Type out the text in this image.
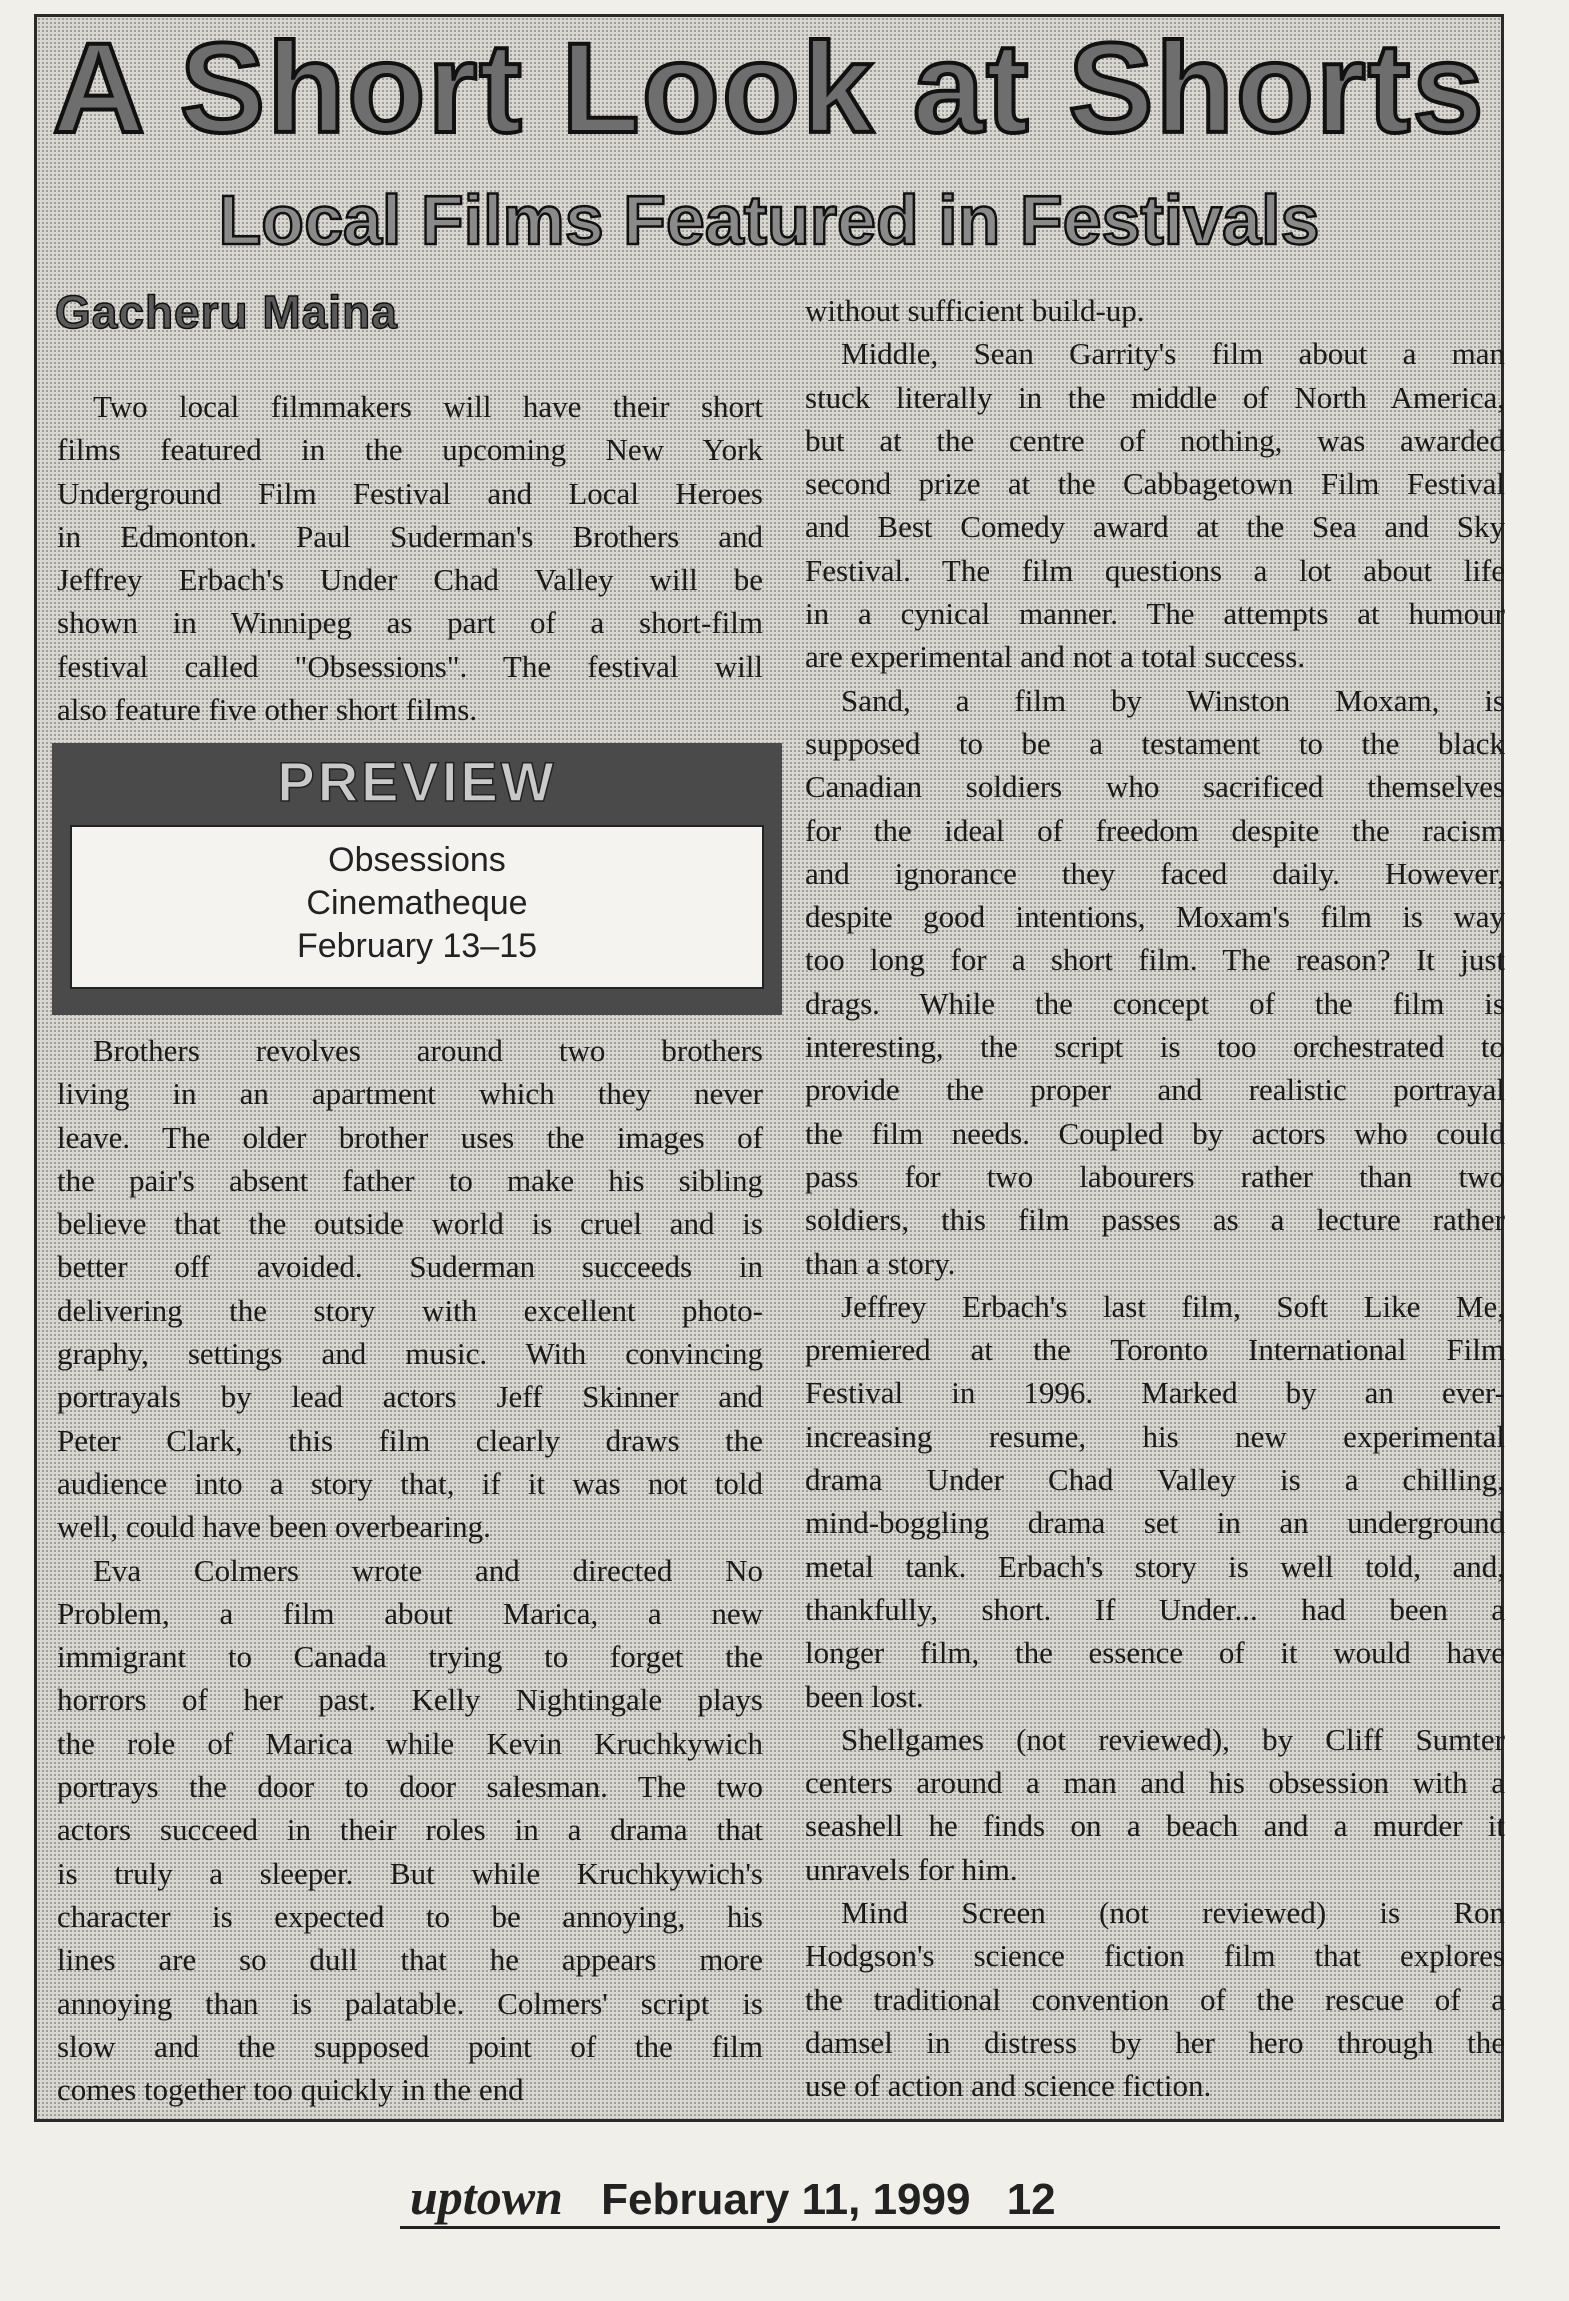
A Short Look at Shorts
Local Films Featured in Festivals
Gacheru Maina
Two local filmmakers will have their short
films featured in the upcoming New York
Underground Film Festival and Local Heroes
in Edmonton. Paul Suderman's Brothers and
Jeffrey Erbach's Under Chad Valley will be
shown in Winnipeg as part of a short-film
festival called "Obsessions". The festival will
also feature five other short films.
PREVIEW
Obsessions
Cinematheque
February 13–15
Brothers revolves around two brothers
living in an apartment which they never
leave. The older brother uses the images of
the pair's absent father to make his sibling
believe that the outside world is cruel and is
better off avoided. Suderman succeeds in
delivering the story with excellent photo-
graphy, settings and music. With convincing
portrayals by lead actors Jeff Skinner and
Peter Clark, this film clearly draws the
audience into a story that, if it was not told
well, could have been overbearing.
Eva Colmers wrote and directed No
Problem, a film about Marica, a new
immigrant to Canada trying to forget the
horrors of her past. Kelly Nightingale plays
the role of Marica while Kevin Kruchkywich
portrays the door to door salesman. The two
actors succeed in their roles in a drama that
is truly a sleeper. But while Kruchkywich's
character is expected to be annoying, his
lines are so dull that he appears more
annoying than is palatable. Colmers' script is
slow and the supposed point of the film
comes together too quickly in the end
without sufficient build-up.
Middle, Sean Garrity's film about a man
stuck literally in the middle of North America,
but at the centre of nothing, was awarded
second prize at the Cabbagetown Film Festival
and Best Comedy award at the Sea and Sky
Festival. The film questions a lot about life
in a cynical manner. The attempts at humour
are experimental and not a total success.
Sand, a film by Winston Moxam, is
supposed to be a testament to the black
Canadian soldiers who sacrificed themselves
for the ideal of freedom despite the racism
and ignorance they faced daily. However,
despite good intentions, Moxam's film is way
too long for a short film. The reason? It just
drags. While the concept of the film is
interesting, the script is too orchestrated to
provide the proper and realistic portrayal
the film needs. Coupled by actors who could
pass for two labourers rather than two
soldiers, this film passes as a lecture rather
than a story.
Jeffrey Erbach's last film, Soft Like Me,
premiered at the Toronto International Film
Festival in 1996. Marked by an ever-
increasing resume, his new experimental
drama Under Chad Valley is a chilling,
mind-boggling drama set in an underground
metal tank. Erbach's story is well told, and,
thankfully, short. If Under... had been a
longer film, the essence of it would have
been lost.
Shellgames (not reviewed), by Cliff Sumter
centers around a man and his obsession with a
seashell he finds on a beach and a murder it
unravels for him.
Mind Screen (not reviewed) is Ron
Hodgson's science fiction film that explores
the traditional convention of the rescue of a
damsel in distress by her hero through the
use of action and science fiction.
uptown February 11, 1999 12
